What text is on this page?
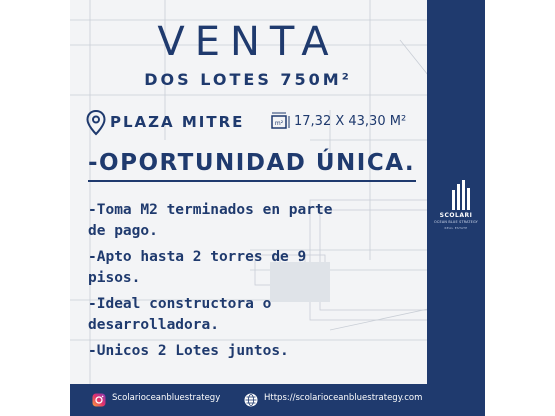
VENTA
DOS LOTES 750M²
PLAZA MITRE	m² 17,32 X 43,30 M²
-OPORTUNIDAD ÚNICA.
-Toma M2 terminados en parte de pago.
-Apto hasta 2 torres de 9 pisos.
-Ideal constructora o desarrolladora.
-Unicos 2 Lotes juntos.
SCOLARI
OCEAN BLUE STRATEGY
REAL ESTATE
Scolarioceanbluestrategy	Https://scolarioceanbluestrategy.com
